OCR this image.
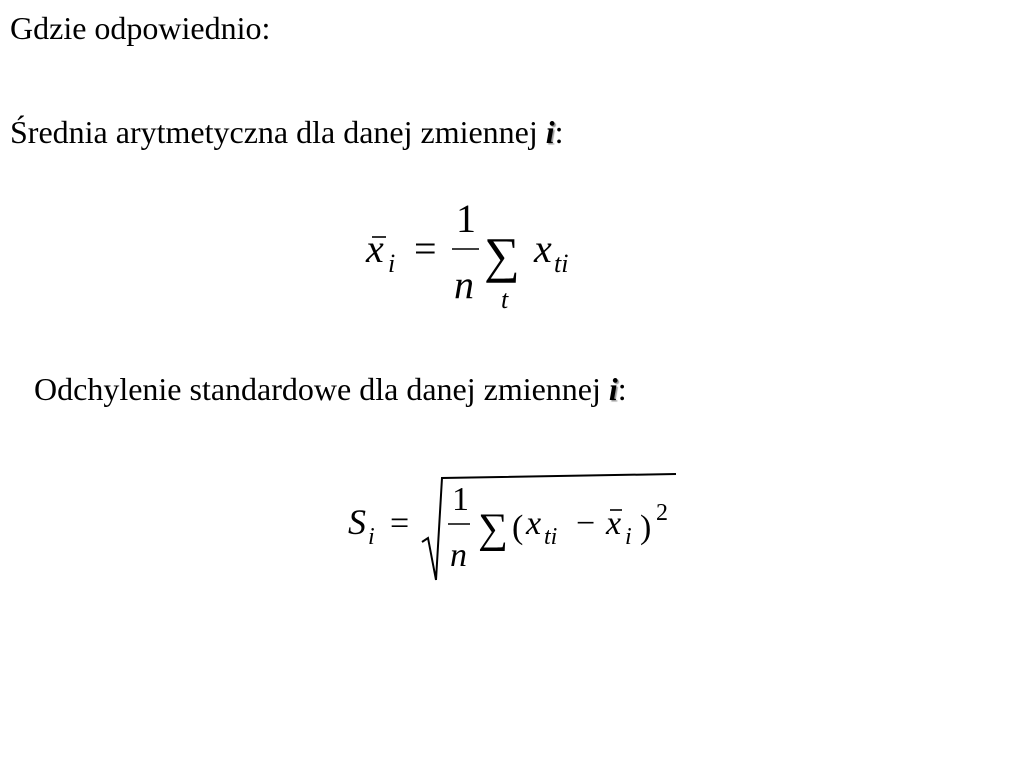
Gdzie odpowiednio:
Średnia arytmetyczna dla danej zmiennej i:
x i =
1
n
∑
t
x ti
Odchylenie standardowe dla danej zmiennej i:
S i =
1
n
∑ ( x ti − x i ) 2
